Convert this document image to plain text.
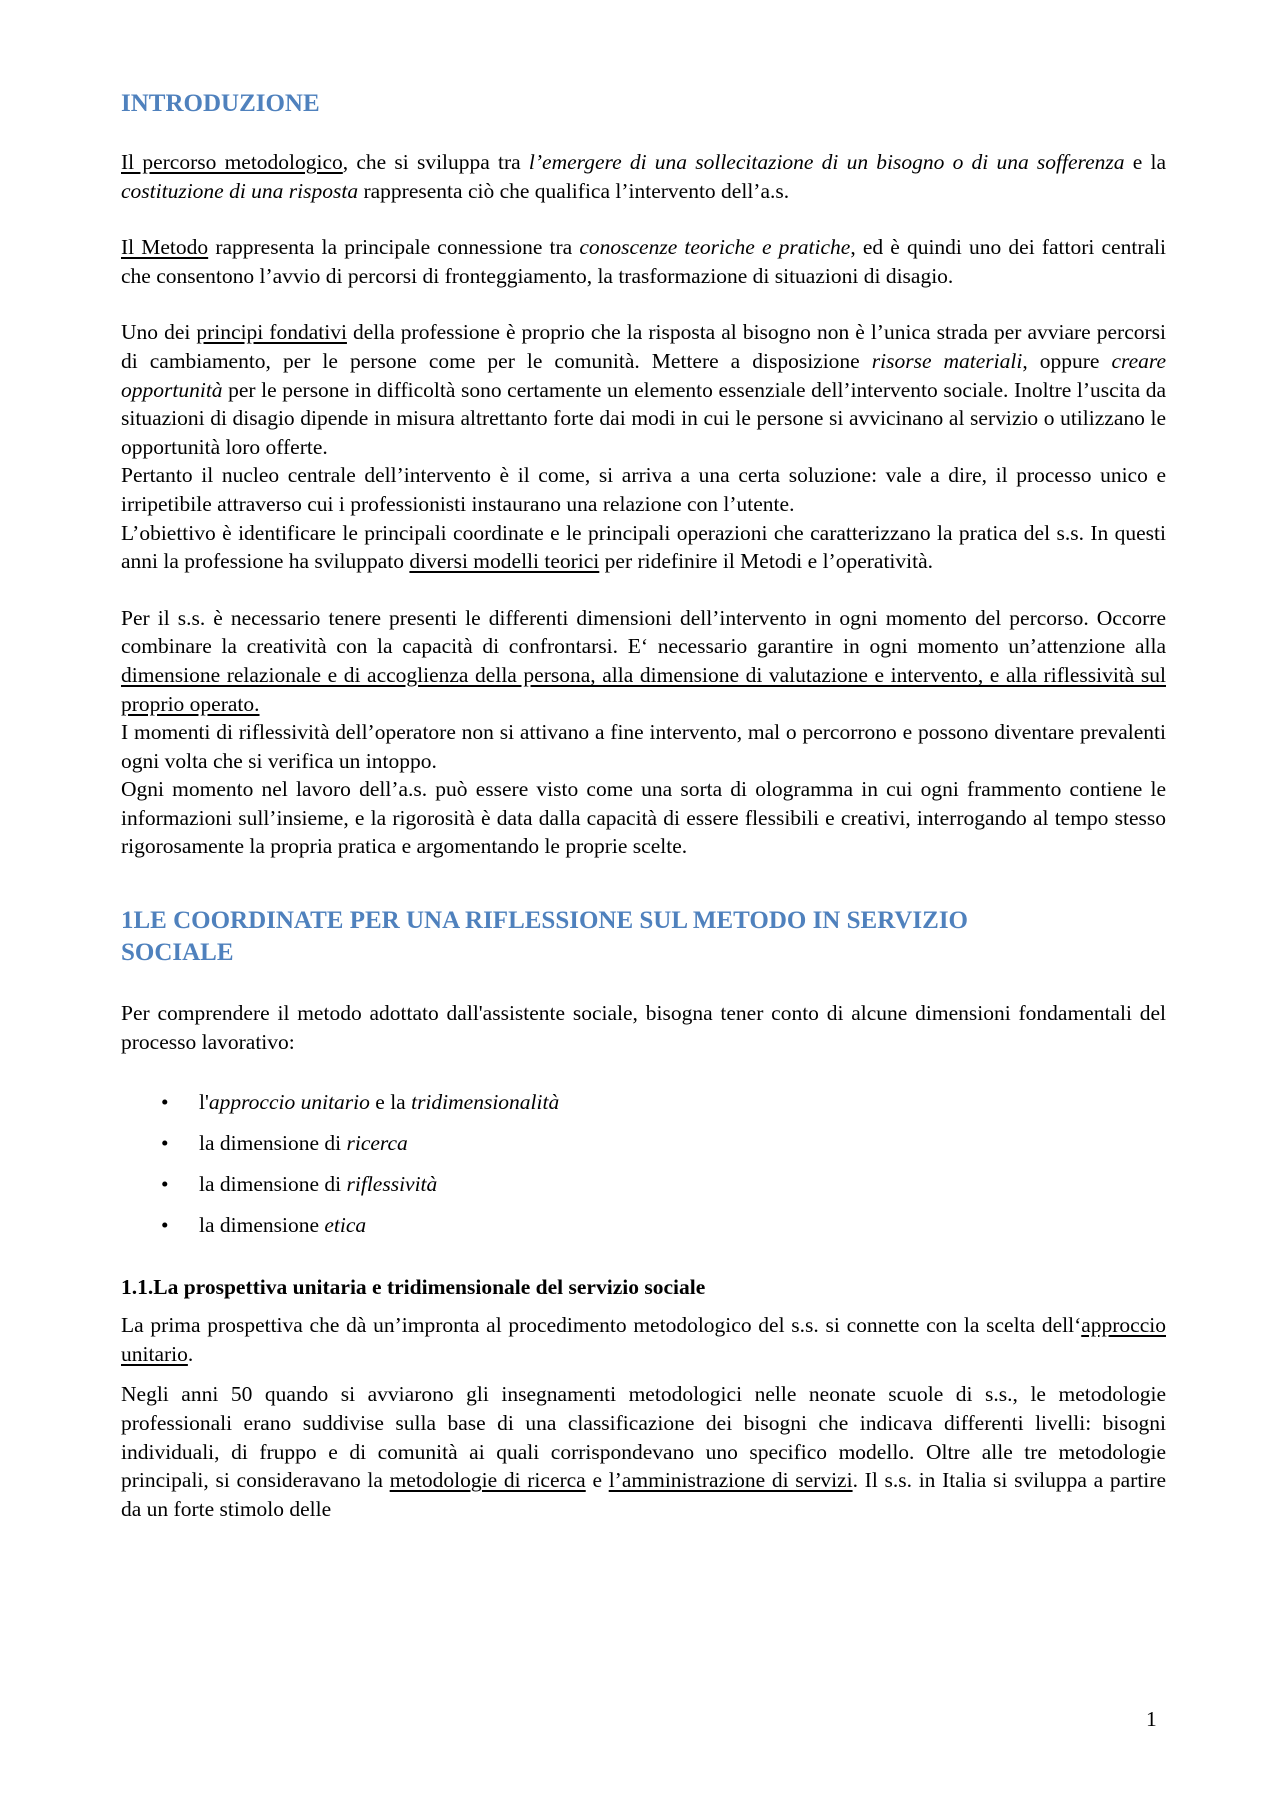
INTRODUZIONE

Il percorso metodologico, che si sviluppa tra l’emergere di una sollecitazione di un bisogno o di una sofferenza e la costituzione di una risposta rappresenta ciò che qualifica l’intervento dell’a.s.

Il Metodo rappresenta la principale connessione tra conoscenze teoriche e pratiche, ed è quindi uno dei fattori centrali che consentono l’avvio di percorsi di fronteggiamento, la trasformazione di situazioni di disagio.

Uno dei principi fondativi della professione è proprio che la risposta al bisogno non è l’unica strada per avviare percorsi di cambiamento, per le persone come per le comunità. Mettere a disposizione risorse materiali, oppure creare opportunità per le persone in difficoltà sono certamente un elemento essenziale dell’intervento sociale. Inoltre l’uscita da situazioni di disagio dipende in misura altrettanto forte dai modi in cui le persone si avvicinano al servizio o utilizzano le opportunità loro offerte.

Pertanto il nucleo centrale dell’intervento è il come, si arriva a una certa soluzione: vale a dire, il processo unico e irripetibile attraverso cui i professionisti instaurano una relazione con l’utente.

L’obiettivo è identificare le principali coordinate e le principali operazioni che caratterizzano la pratica del s.s. In questi anni la professione ha sviluppato diversi modelli teorici per ridefinire il Metodi e l’operatività.

Per il s.s. è necessario tenere presenti le differenti dimensioni dell’intervento in ogni momento del percorso. Occorre combinare la creatività con la capacità di confrontarsi. E‘ necessario garantire in ogni momento un’attenzione alla dimensione relazionale e di accoglienza della persona, alla dimensione di valutazione e intervento, e alla riflessività sul proprio operato.

I momenti di riflessività dell’operatore non si attivano a fine intervento, mal o percorrono e possono diventare prevalenti ogni volta che si verifica un intoppo.

Ogni momento nel lavoro dell’a.s. può essere visto come una sorta di ologramma in cui ogni frammento contiene le informazioni sull’insieme, e la rigorosità è data dalla capacità di essere flessibili e creativi, interrogando al tempo stesso rigorosamente la propria pratica e argomentando le proprie scelte.

1LE COORDINATE PER UNA RIFLESSIONE SUL METODO IN SERVIZIO SOCIALE

Per comprendere il metodo adottato dall'assistente sociale, bisogna tener conto di alcune dimensioni fondamentali del processo lavorativo:

• l'approccio unitario e la tridimensionalità
• la dimensione di ricerca
• la dimensione di riflessività
• la dimensione etica
1.1.La prospettiva unitaria e tridimensionale del servizio sociale

La prima prospettiva che dà un’impronta al procedimento metodologico del s.s. si connette con la scelta dell‘approccio unitario.

Negli anni 50 quando si avviarono gli insegnamenti metodologici nelle neonate scuole di s.s., le metodologie professionali erano suddivise sulla base di una classificazione dei bisogni che indicava differenti livelli: bisogni individuali, di fruppo e di comunità ai quali corrispondevano uno specifico modello. Oltre alle tre metodologie principali, si consideravano la metodologie di ricerca e l’amministrazione di servizi. Il s.s. in Italia si sviluppa a partire da un forte stimolo delle

1
